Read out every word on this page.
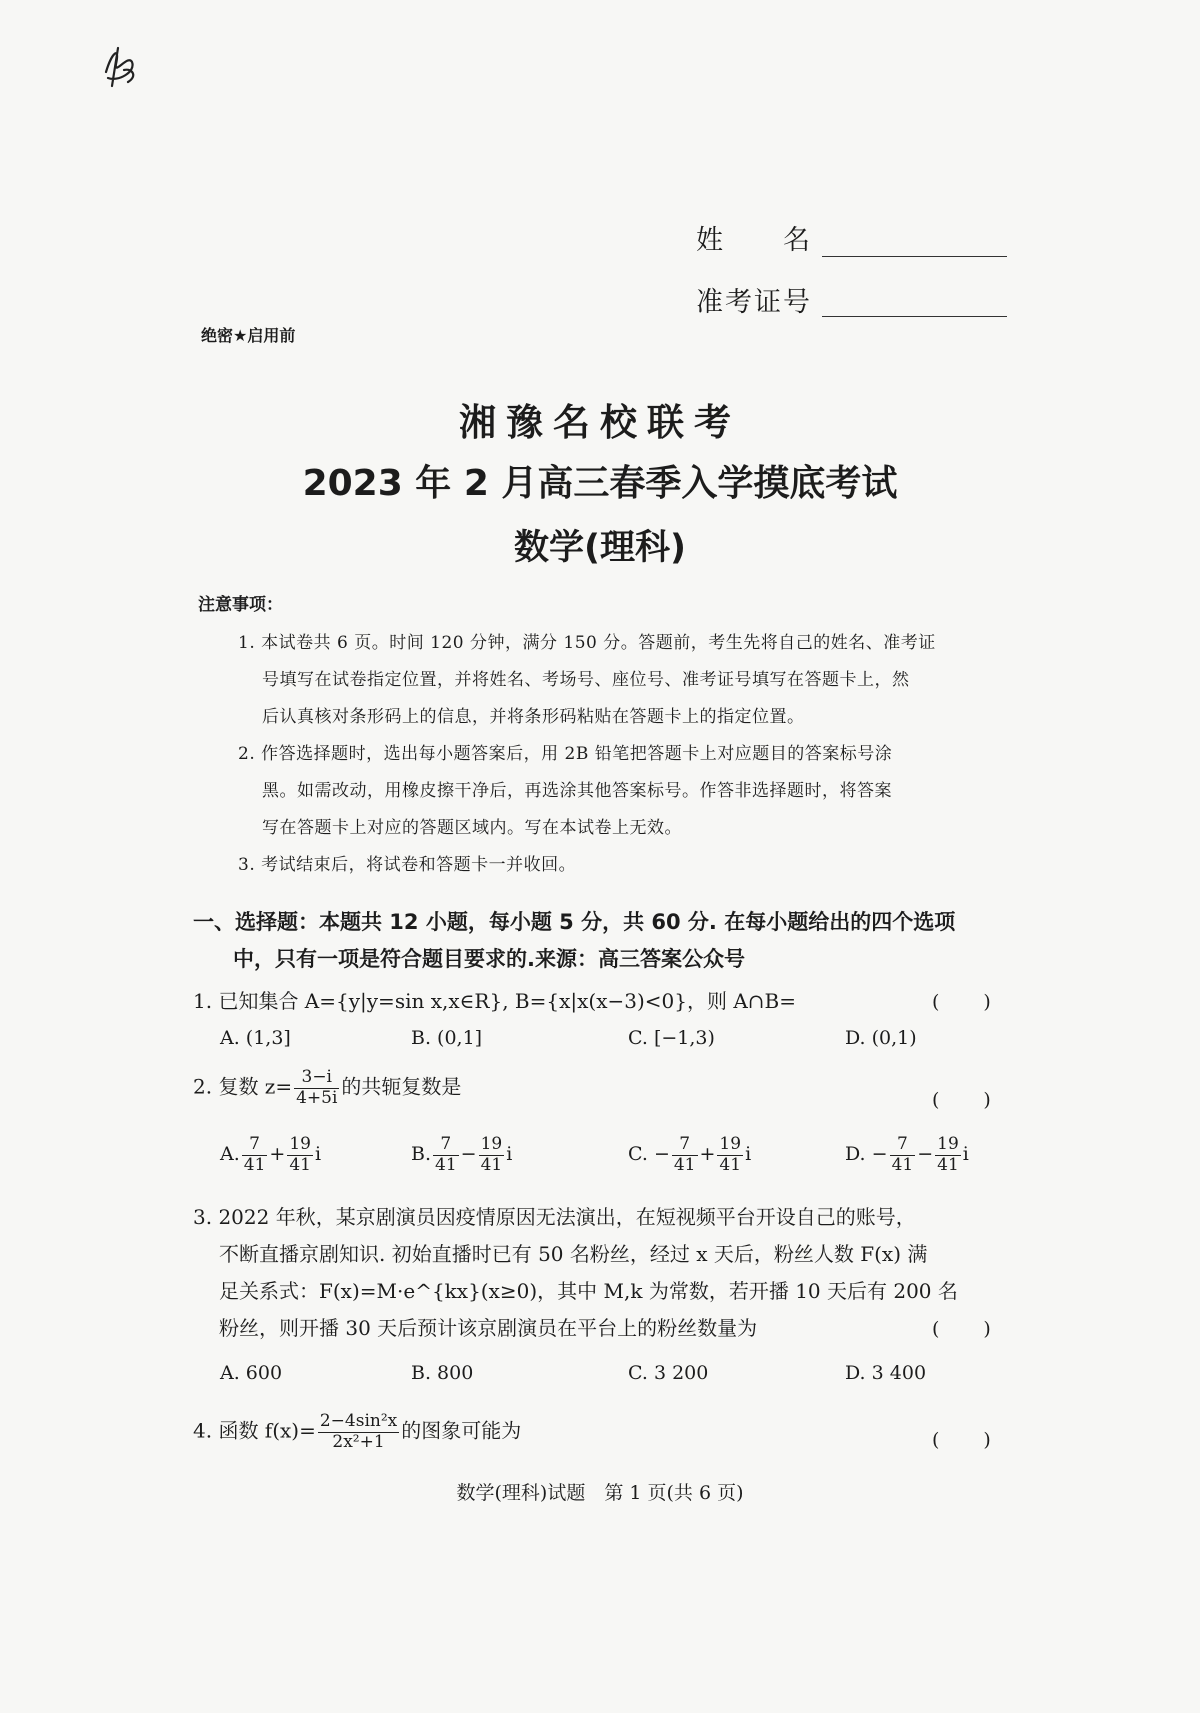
姓　　名
准考证号
绝密★启用前
湘豫名校联考
2023 年 2 月高三春季入学摸底考试
数学(理科)
注意事项：
1. 本试卷共 6 页。时间 120 分钟，满分 150 分。答题前，考生先将自己的姓名、准考证
号填写在试卷指定位置，并将姓名、考场号、座位号、准考证号填写在答题卡上，然
后认真核对条形码上的信息，并将条形码粘贴在答题卡上的指定位置。
2. 作答选择题时，选出每小题答案后，用 2B 铅笔把答题卡上对应题目的答案标号涂
黑。如需改动，用橡皮擦干净后，再选涂其他答案标号。作答非选择题时，将答案
写在答题卡上对应的答题区域内。写在本试卷上无效。
3. 考试结束后，将试卷和答题卡一并收回。
一、选择题：本题共 12 小题，每小题 5 分，共 60 分. 在每小题给出的四个选项
中，只有一项是符合题目要求的.来源：高三答案公众号
1. 已知集合 A={y|y=sin x,x∈R}, B={x|x(x−3)<0}，则 A∩B=	(　　)
A. (1,3]	B. (0,1]	C. [−1,3)	D. (0,1)
2. 复数 $z= \frac{3-i}{4+5i}$ 的共轭复数是
(　　)
A. $\frac{7}{41} + \frac{19}{41}$ i	B. $\frac{7}{41} - \frac{19}{41}$ i	C. − $\frac{7}{41} + \frac{19}{41}$ i	D. − $\frac{7}{41} - \frac{19}{41}$ i
3. 2022 年秋，某京剧演员因疫情原因无法演出，在短视频平台开设自己的账号，
不断直播京剧知识. 初始直播时已有 50 名粉丝，经过 x 天后，粉丝人数 F(x) 满
足关系式：F(x)=M·e^{kx}(x≥0)，其中 M,k 为常数，若开播 10 天后有 200 名
粉丝，则开播 30 天后预计该京剧演员在平台上的粉丝数量为	(　　)
A. 600	B. 800	C. 3 200	D. 3 400
4. 函数 $f(x)= \frac{\text{2−4sin²x}}{\text{2x²+1}}$ 的图象可能为	(　　)
数学(理科)试题　第 1 页(共 6 页)
